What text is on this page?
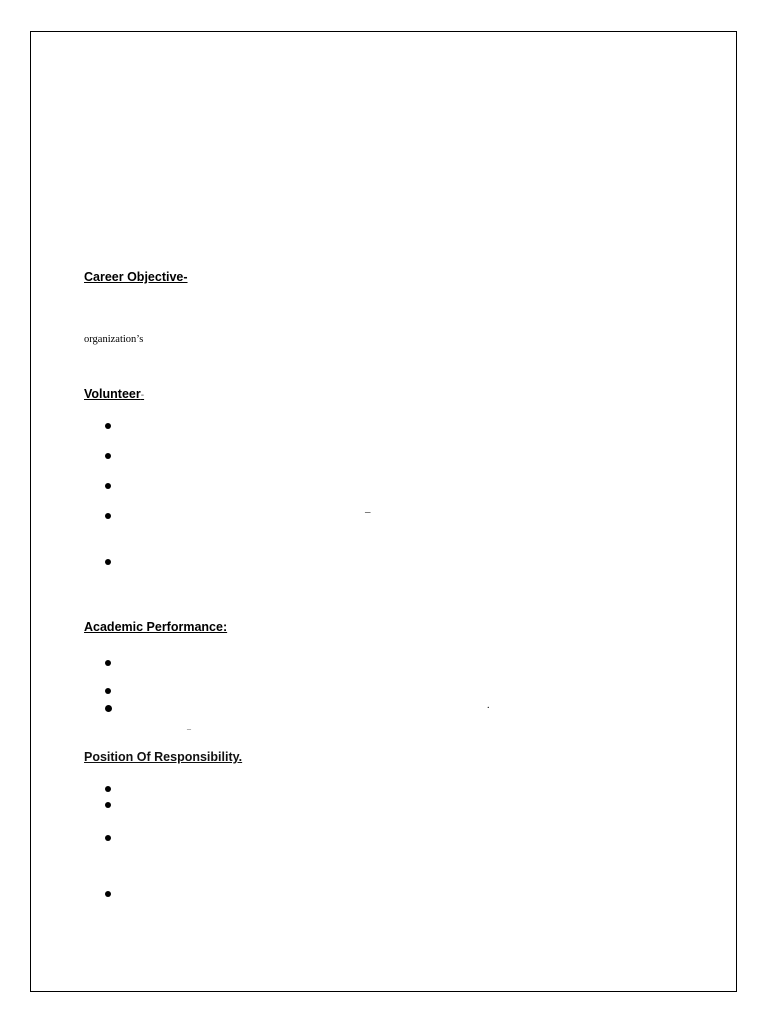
Career Objective-
organization’s
Volunteer-
–
Academic Performance:
.
–
Position Of Responsibility.
